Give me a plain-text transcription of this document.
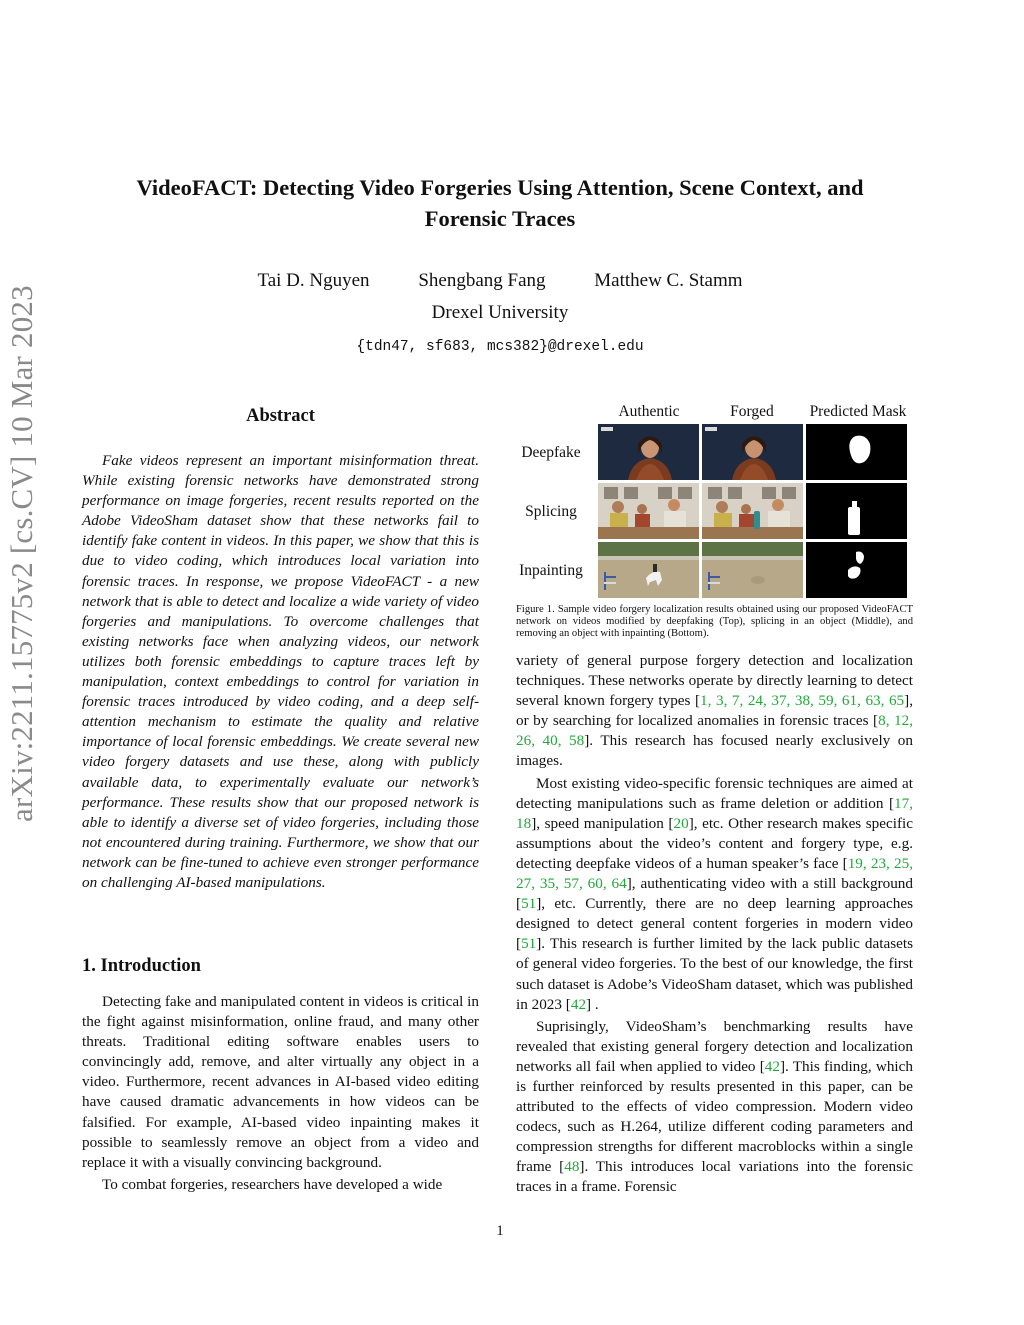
arXiv:2211.15775v2 [cs.CV] 10 Mar 2023
VideoFACT: Detecting Video Forgeries Using Attention, Scene Context, and Forensic Traces
Tai D. Nguyen	Shengbang Fang	Matthew C. Stamm
Drexel University
{tdn47, sf683, mcs382}@drexel.edu
Abstract
Fake videos represent an important misinformation threat. While existing forensic networks have demonstrated strong performance on image forgeries, recent results reported on the Adobe VideoSham dataset show that these networks fail to identify fake content in videos. In this paper, we show that this is due to video coding, which introduces local variation into forensic traces. In response, we propose VideoFACT - a new network that is able to detect and localize a wide variety of video forgeries and manipulations. To overcome challenges that existing networks face when analyzing videos, our network utilizes both forensic embeddings to capture traces left by manipulation, context embeddings to control for variation in forensic traces introduced by video coding, and a deep self-attention mechanism to estimate the quality and relative importance of local forensic embeddings. We create several new video forgery datasets and use these, along with publicly available data, to experimentally evaluate our network’s performance. These results show that our proposed network is able to identify a diverse set of video forgeries, including those not encountered during training. Furthermore, we show that our network can be fine-tuned to achieve even stronger performance on challenging AI-based manipulations.
1. Introduction

Detecting fake and manipulated content in videos is critical in the fight against misinformation, online fraud, and many other threats. Traditional editing software enables users to convincingly add, remove, and alter virtually any object in a video. Furthermore, recent advances in AI-based video editing have caused dramatic advancements in how videos can be falsified. For example, AI-based video inpainting makes it possible to seamlessly remove an object from a video and replace it with a visually convincing background.

To combat forgeries, researchers have developed a wide

Authentic	Forged	Predicted Mask
Deepfake
Splicing
Inpainting
Figure 1. Sample video forgery localization results obtained using our proposed VideoFACT network on videos modified by deepfaking (Top), splicing in an object (Middle), and removing an object with inpainting (Bottom).

variety of general purpose forgery detection and localization techniques. These networks operate by directly learning to detect several known forgery types [1, 3, 7, 24, 37, 38, 59, 61, 63, 65], or by searching for localized anomalies in forensic traces [8, 12, 26, 40, 58]. This research has focused nearly exclusively on images.

Most existing video-specific forensic techniques are aimed at detecting manipulations such as frame deletion or addition [17, 18], speed manipulation [20], etc. Other research makes specific assumptions about the video’s content and forgery type, e.g. detecting deepfake videos of a human speaker’s face [19, 23, 25, 27, 35, 57, 60, 64], authenticating video with a still background [51], etc. Currently, there are no deep learning approaches designed to detect general content forgeries in modern video [51]. This research is further limited by the lack public datasets of general video forgeries. To the best of our knowledge, the first such dataset is Adobe’s VideoSham dataset, which was published in 2023 [42] .

Suprisingly, VideoSham’s benchmarking results have revealed that existing general forgery detection and localization networks all fail when applied to video [42]. This finding, which is further reinforced by results presented in this paper, can be attributed to the effects of video compression. Modern video codecs, such as H.264, utilize different coding parameters and compression strengths for different macroblocks within a single frame [48]. This introduces local variations into the forensic traces in a frame. Forensic

1
